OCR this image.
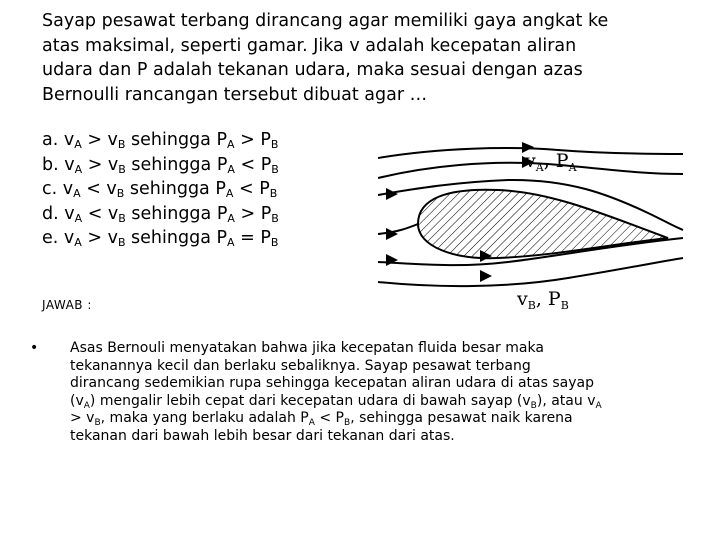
Sayap pesawat terbang dirancang agar memiliki gaya angkat ke
atas maksimal, seperti gamar. Jika v adalah kecepatan aliran
udara dan P adalah tekanan udara, maka sesuai dengan azas
Bernoulli rancangan tersebut dibuat agar …
a. $v_A > v_B$ sehingga $P_A > P_B$
b. $v_A > v_B$ sehingga $P_A < P_B$
c. $v_A < v_B$ sehingga $P_A < P_B$
d. $v_A < v_B$ sehingga $P_A > P_B$
e. $v_A > v_B$ sehingga $P_A = P_B$
$v_A$, $P_A$
$v_B$, $P_B$
JAWAB :
• Asas Bernouli menyatakan bahwa jika kecepatan fluida besar maka
tekanannya kecil dan berlaku sebaliknya. Sayap pesawat terbang
dirancang sedemikian rupa sehingga kecepatan aliran udara di atas sayap
$(v_A)$ mengalir lebih cepat dari kecepatan udara di bawah sayap $(v_B)$, atau $v_A$
> $v_B$, maka yang berlaku adalah $P_A < P_B$, sehingga pesawat naik karena
tekanan dari bawah lebih besar dari tekanan dari atas.
